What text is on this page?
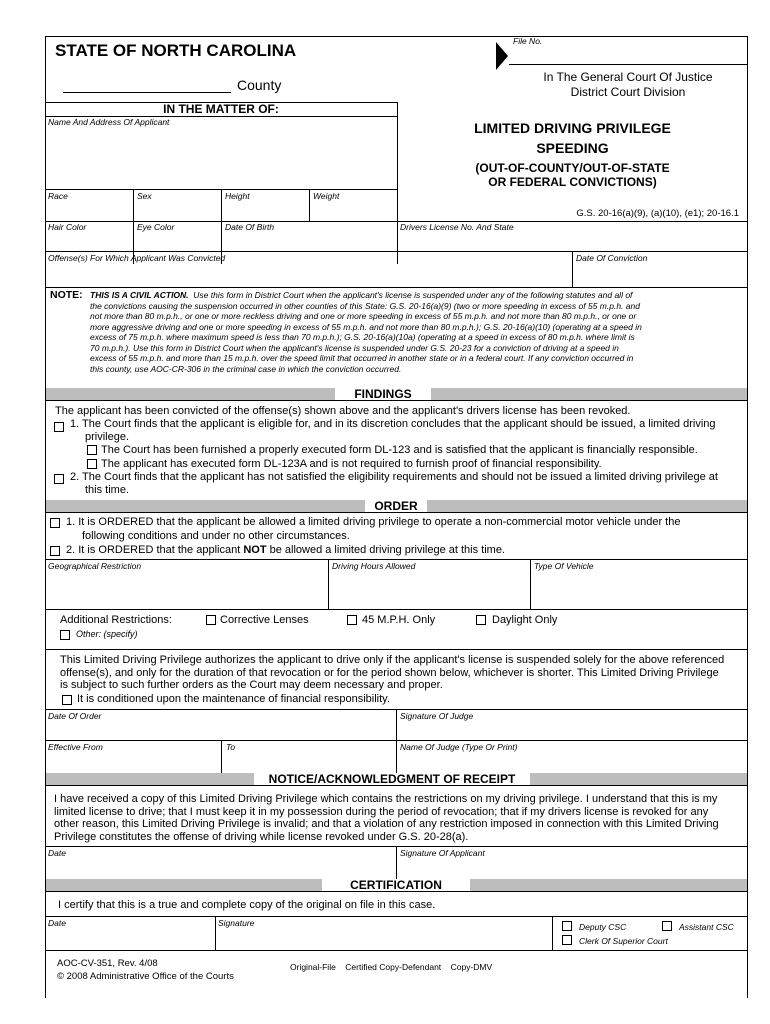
File No.
STATE OF NORTH CAROLINA
County	In The General Court Of Justice
District Court Division
IN THE MATTER OF:
Name And Address Of Applicant	LIMITED DRIVING PRIVILEGE
SPEEDING
(OUT-OF-COUNTY/OUT-OF-STATE
OR FEDERAL CONVICTIONS)
G.S. 20-16(a)(9), (a)(10), (e1); 20-16.1
Race	Sex	Height	Weight
Hair Color	Eye Color	Date Of Birth	Drivers License No. And State
Offense(s) For Which Applicant Was Convicted	Date Of Conviction
NOTE: THIS IS A CIVIL ACTION. Use this form in District Court when the applicant's license is suspended under any of the following statutes and all of
the convictions causing the suspension occurred in other counties of this State: G.S. 20-16(a)(9) (two or more speeding in excess of 55 m.p.h. and
not more than 80 m.p.h., or one or more reckless driving and one or more speeding in excess of 55 m.p.h. and not more than 80 m.p.h., or one or
more aggressive driving and one or more speeding in excess of 55 m.p.h. and not more than 80 m.p.h.); G.S. 20-16(a)(10) (operating at a speed in
excess of 75 m.p.h. where maximum speed is less than 70 m.p.h.); G.S. 20-16(a)(10a) (operating at a speed in excess of 80 m.p.h. where limit is
70 m.p.h.). Use this form in District Court when the applicant's license is suspended under G.S. 20-23 for a conviction of driving at a speed in
excess of 55 m.p.h. and more than 15 m.p.h. over the speed limit that occurred in another state or in a federal court. If any conviction occurred in
this county, use AOC-CR-306 in the criminal case in which the conviction occurred.
FINDINGS
The applicant has been convicted of the offense(s) shown above and the applicant's drivers license has been revoked.
1. The Court finds that the applicant is eligible for, and in its discretion concludes that the applicant should be issued, a limited driving
privilege.
The Court has been furnished a properly executed form DL-123 and is satisfied that the applicant is financially responsible.
The applicant has executed form DL-123A and is not required to furnish proof of financial responsibility.
2. The Court finds that the applicant has not satisfied the eligibility requirements and should not be issued a limited driving privilege at
this time.
ORDER
1. It is ORDERED that the applicant be allowed a limited driving privilege to operate a non-commercial motor vehicle under the
following conditions and under no other circumstances.
2. It is ORDERED that the applicant NOT be allowed a limited driving privilege at this time.
Geographical Restriction	Driving Hours Allowed	Type Of Vehicle
Additional Restrictions:	Corrective Lenses	45 M.P.H. Only	Daylight Only
Other: (specify)
This Limited Driving Privilege authorizes the applicant to drive only if the applicant's license is suspended solely for the above referenced
offense(s), and only for the duration of that revocation or for the period shown below, whichever is shorter. This Limited Driving Privilege
is subject to such further orders as the Court may deem necessary and proper.
It is conditioned upon the maintenance of financial responsibility.
Date Of Order	Signature Of Judge
Effective From	To	Name Of Judge (Type Or Print)
NOTICE/ACKNOWLEDGMENT OF RECEIPT
I have received a copy of this Limited Driving Privilege which contains the restrictions on my driving privilege. I understand that this is my
limited license to drive; that I must keep it in my possession during the period of revocation; that if my drivers license is revoked for any
other reason, this Limited Driving Privilege is invalid; and that a violation of any restriction imposed in connection with this Limited Driving
Privilege constitutes the offense of driving while license revoked under G.S. 20-28(a).
Date	Signature Of Applicant
CERTIFICATION
I certify that this is a true and complete copy of the original on file in this case.
Date	Signature	Deputy CSC	Assistant CSC
Clerk Of Superior Court
AOC-CV-351, Rev. 4/08
© 2008 Administrative Office of the Courts
Original-File    Certified Copy-Defendant    Copy-DMV
